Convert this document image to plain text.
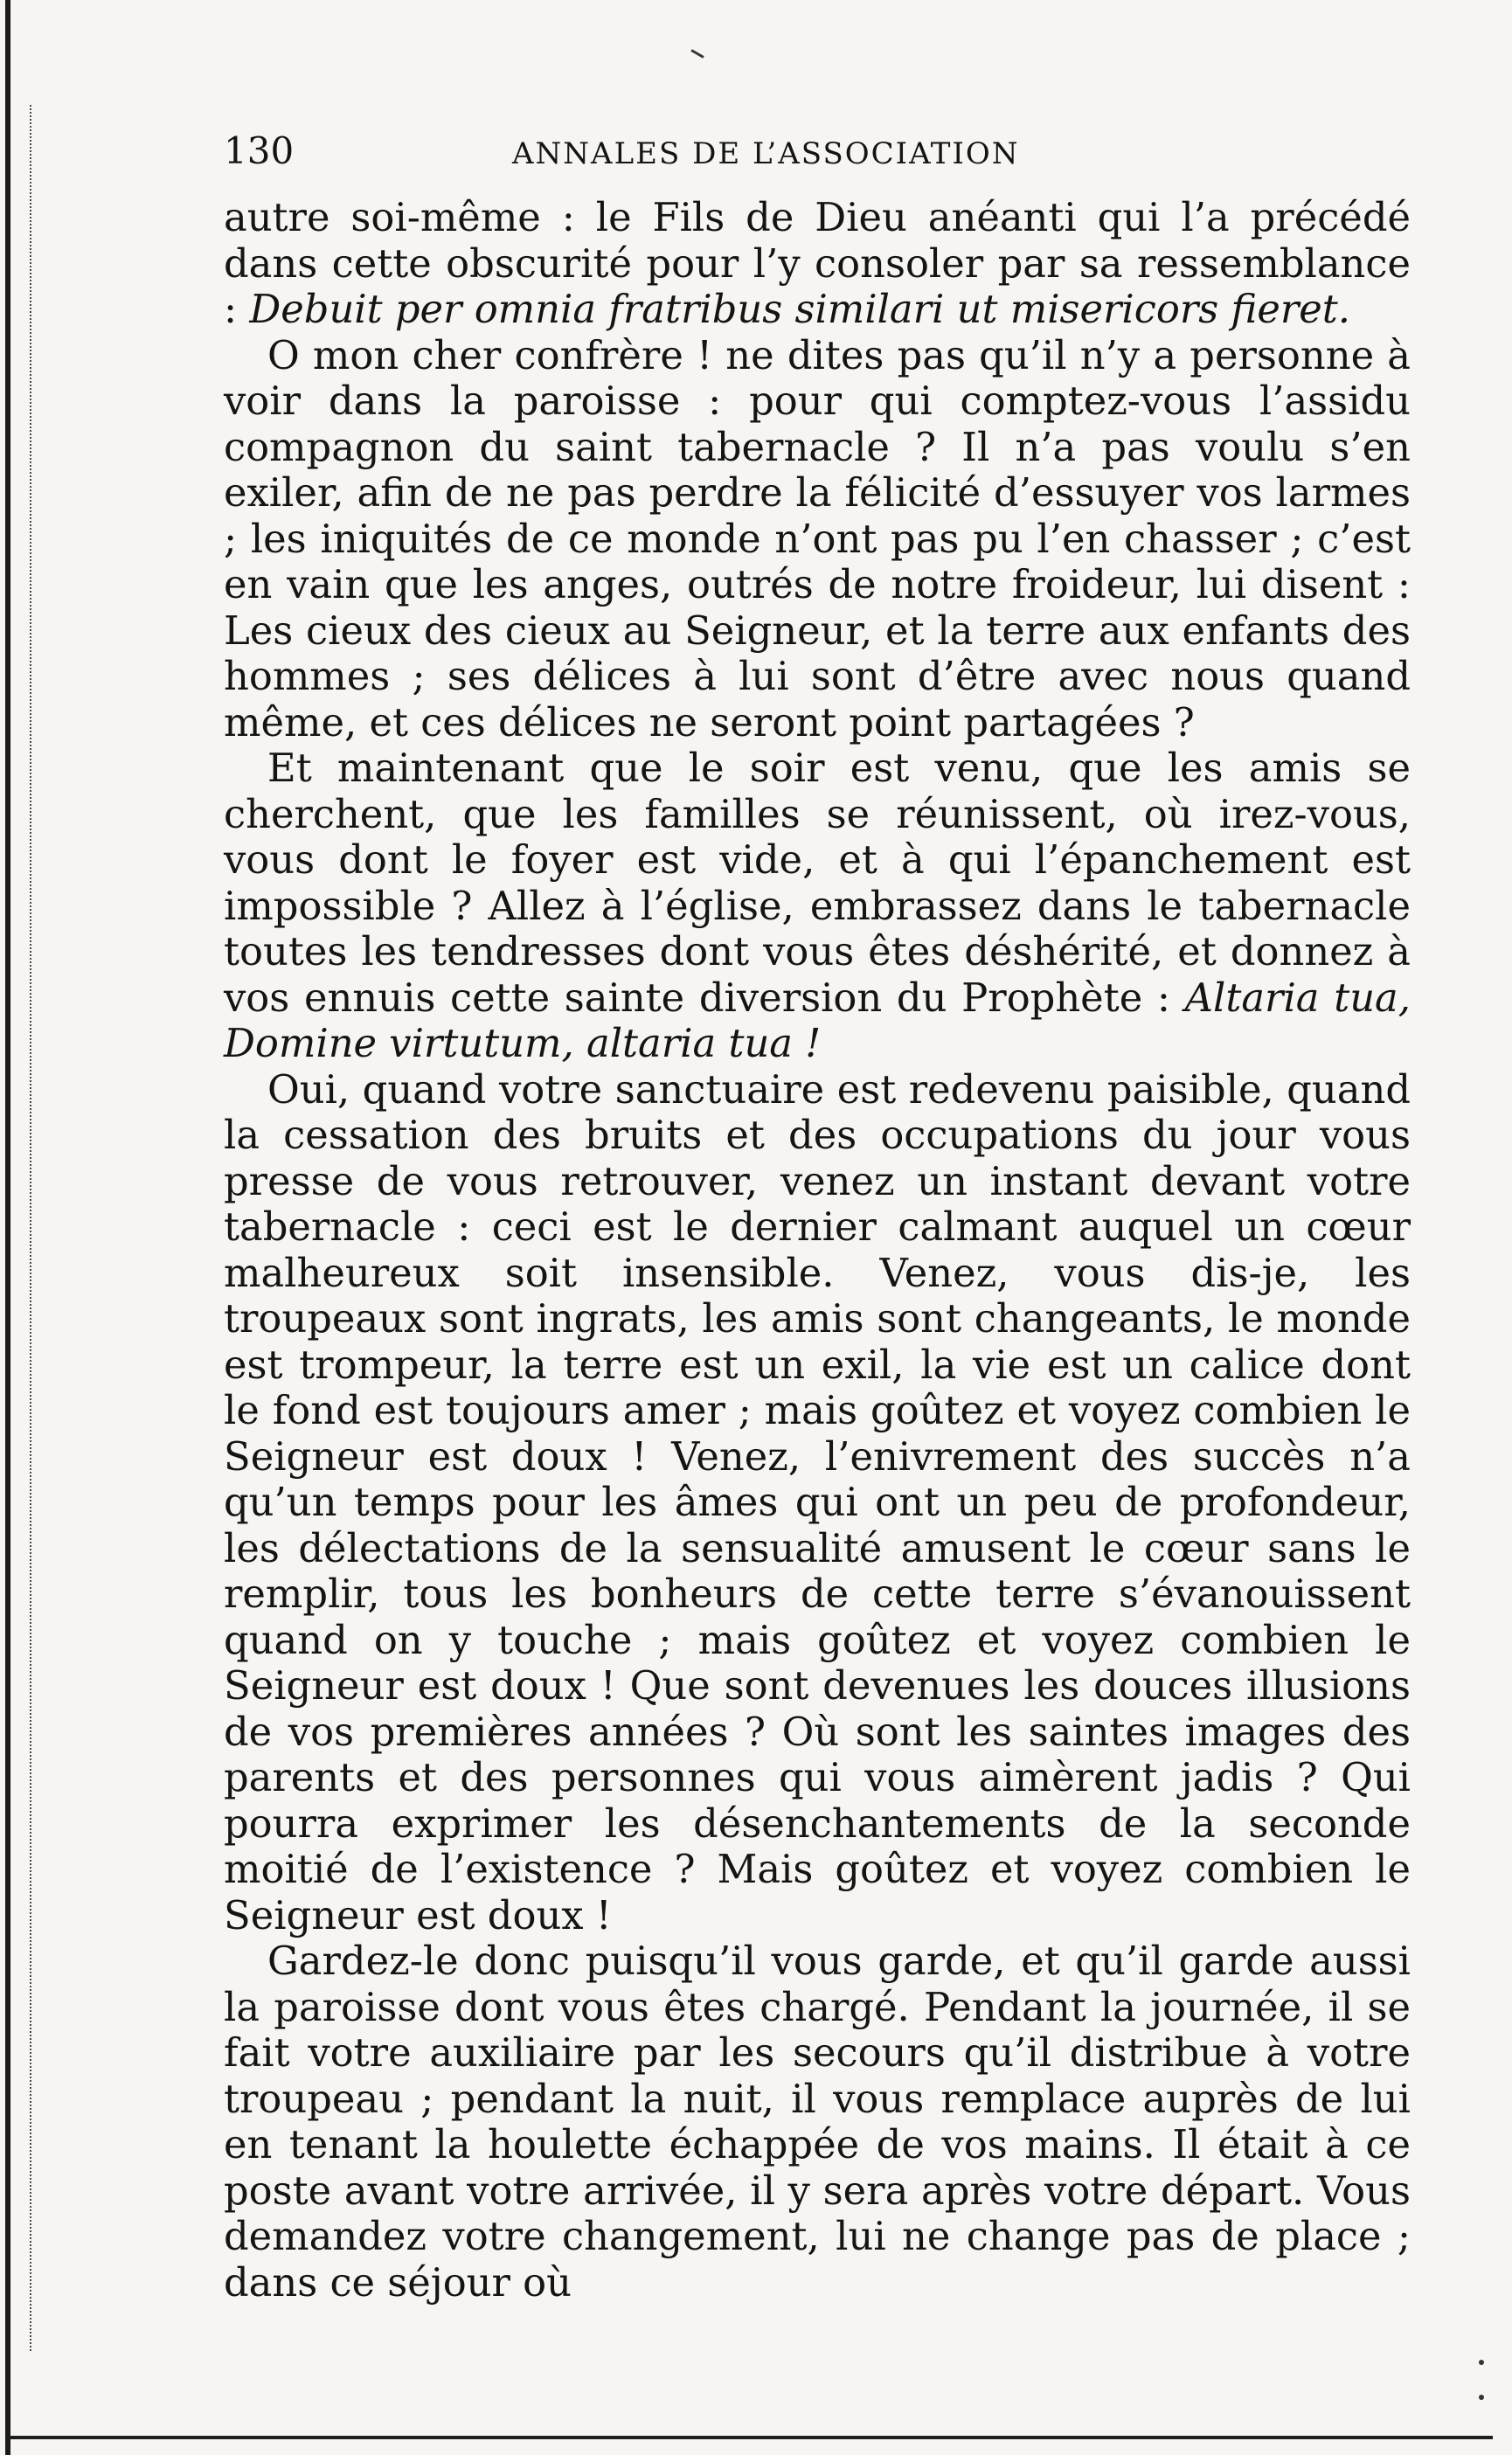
130	ANNALES DE L’ASSOCIATION

autre soi-même : le Fils de Dieu anéanti qui l’a précédé dans cette obscurité pour l’y consoler par sa ressemblance : Debuit per omnia fratribus similari ut misericors fieret.

O mon cher confrère ! ne dites pas qu’il n’y a personne à voir dans la paroisse : pour qui comptez-vous l’assidu compagnon du saint tabernacle ? Il n’a pas voulu s’en exiler, afin de ne pas perdre la félicité d’essuyer vos larmes ; les iniquités de ce monde n’ont pas pu l’en chasser ; c’est en vain que les anges, outrés de notre froideur, lui disent : Les cieux des cieux au Seigneur, et la terre aux enfants des hommes ; ses délices à lui sont d’être avec nous quand même, et ces délices ne seront point partagées ?

Et maintenant que le soir est venu, que les amis se cherchent, que les familles se réunissent, où irez-vous, vous dont le foyer est vide, et à qui l’épanchement est impossible ? Allez à l’église, embrassez dans le tabernacle toutes les tendresses dont vous êtes déshérité, et donnez à vos ennuis cette sainte diversion du Prophète : Altaria tua, Domine virtutum, altaria tua !

Oui, quand votre sanctuaire est redevenu paisible, quand la cessation des bruits et des occupations du jour vous presse de vous retrouver, venez un instant devant votre tabernacle : ceci est le dernier calmant auquel un cœur malheureux soit insensible. Venez, vous dis-je, les troupeaux sont ingrats, les amis sont changeants, le monde est trompeur, la terre est un exil, la vie est un calice dont le fond est toujours amer ; mais goûtez et voyez combien le Seigneur est doux ! Venez, l’enivrement des succès n’a qu’un temps pour les âmes qui ont un peu de profondeur, les délectations de la sensualité amusent le cœur sans le remplir, tous les bonheurs de cette terre s’évanouissent quand on y touche ; mais goûtez et voyez combien le Seigneur est doux ! Que sont devenues les douces illusions de vos premières années ? Où sont les saintes images des parents et des personnes qui vous aimèrent jadis ? Qui pourra exprimer les désenchantements de la seconde moitié de l’existence ? Mais goûtez et voyez combien le Seigneur est doux !

Gardez-le donc puisqu’il vous garde, et qu’il garde aussi la paroisse dont vous êtes chargé. Pendant la journée, il se fait votre auxiliaire par les secours qu’il distribue à votre troupeau ; pendant la nuit, il vous remplace auprès de lui en tenant la houlette échappée de vos mains. Il était à ce poste avant votre arrivée, il y sera après votre départ. Vous demandez votre changement, lui ne change pas de place ; dans ce séjour où
